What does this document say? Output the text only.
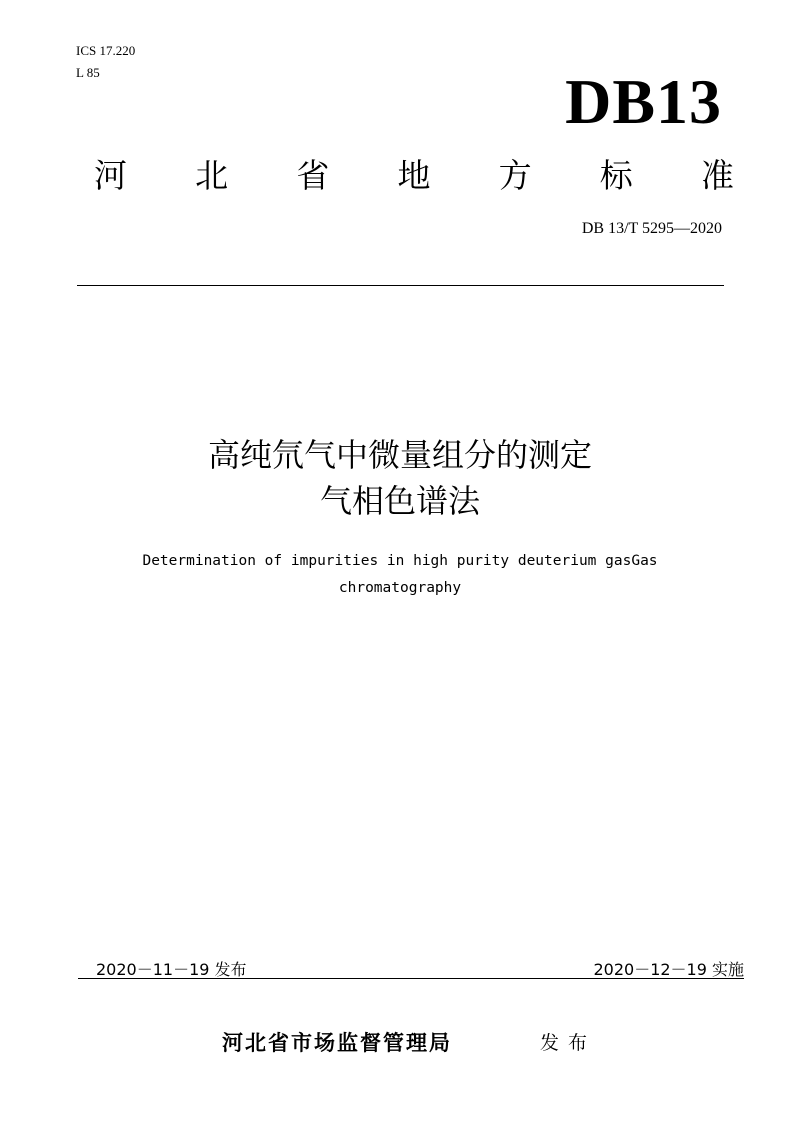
ICS 17.220
L 85	DB13
河 北 省 地 方 标 准
DB 13/T 5295—2020
高纯氘气中微量组分的测定
气相色谱法
Determination of impurities in high purity deuterium gasGas chromatography
2020－11－19 发布	2020－12－19 实施
河北省市场监督管理局	发布
